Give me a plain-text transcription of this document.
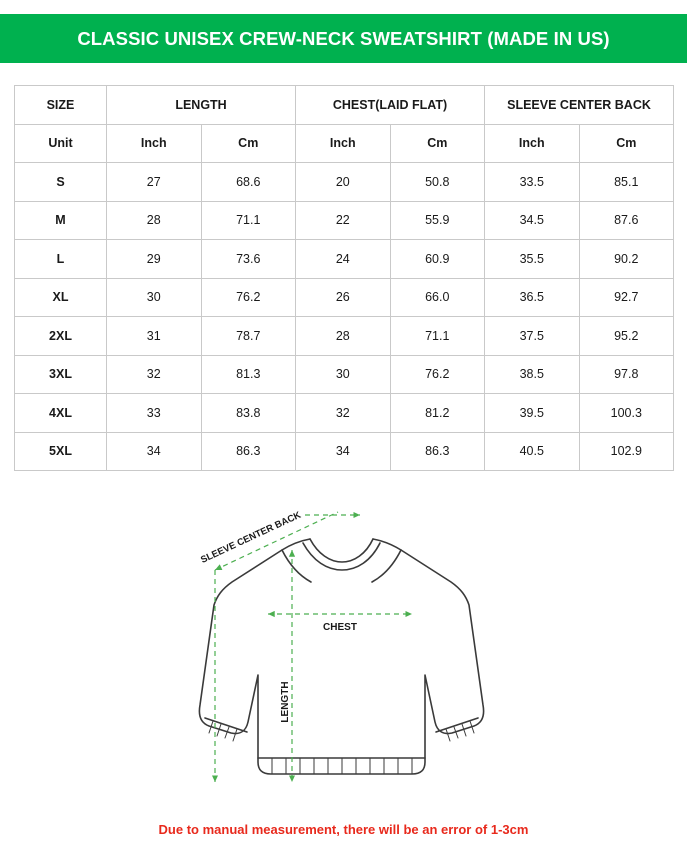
CLASSIC UNISEX CREW-NECK SWEATSHIRT (MADE IN US)
SIZE	LENGTH		CHEST(LAID FLAT)		SLEEVE CENTER BACK	
Unit	Inch	Cm	Inch	Cm	Inch	Cm
S	27	68.6	20	50.8	33.5	85.1
M	28	71.1	22	55.9	34.5	87.6
L	29	73.6	24	60.9	35.5	90.2
XL	30	76.2	26	66.0	36.5	92.7
2XL	31	78.7	28	71.1	37.5	95.2
3XL	32	81.3	30	76.2	38.5	97.8
4XL	33	83.8	32	81.2	39.5	100.3
5XL	34	86.3	34	86.3	40.5	102.9
SLEEVE CENTER BACK
CHEST
LENGTH
Due to manual measurement, there will be an error of 1-3cm
